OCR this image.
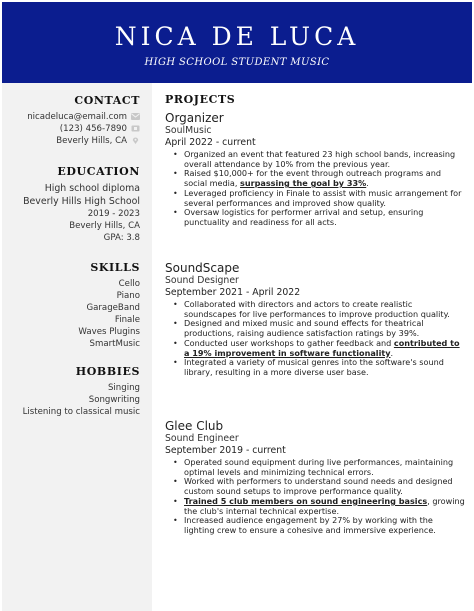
NICA DE LUCA
HIGH SCHOOL STUDENT MUSIC
CONTACT
nicadeluca@email.com
(123) 456-7890
Beverly Hills, CA
EDUCATION
High school diploma
Beverly Hills High School
2019 - 2023
Beverly Hills, CA
GPA: 3.8
SKILLS
Cello
Piano
GarageBand
Finale
Waves Plugins
SmartMusic
HOBBIES
Singing
Songwriting
Listening to classical music
PROJECTS
Organizer
SoulMusic
April 2022 - current
• Organized an event that featured 23 high school bands, increasing overall attendance by 10% from the previous year.
• Raised $10,000+ for the event through outreach programs and social media, surpassing the goal by 33%.
• Leveraged proficiency in Finale to assist with music arrangement for several performances and improved show quality.
• Oversaw logistics for performer arrival and setup, ensuring punctuality and readiness for all acts.
SoundScape
Sound Designer
September 2021 - April 2022
• Collaborated with directors and actors to create realistic soundscapes for live performances to improve production quality.
• Designed and mixed music and sound effects for theatrical productions, raising audience satisfaction ratings by 39%.
• Conducted user workshops to gather feedback and contributed to a 19% improvement in software functionality.
• Integrated a variety of musical genres into the software's sound library, resulting in a more diverse user base.
Glee Club
Sound Engineer
September 2019 - current
• Operated sound equipment during live performances, maintaining optimal levels and minimizing technical errors.
• Worked with performers to understand sound needs and designed custom sound setups to improve performance quality.
• Trained 5 club members on sound engineering basics, growing the club's internal technical expertise.
• Increased audience engagement by 27% by working with the lighting crew to ensure a cohesive and immersive experience.
